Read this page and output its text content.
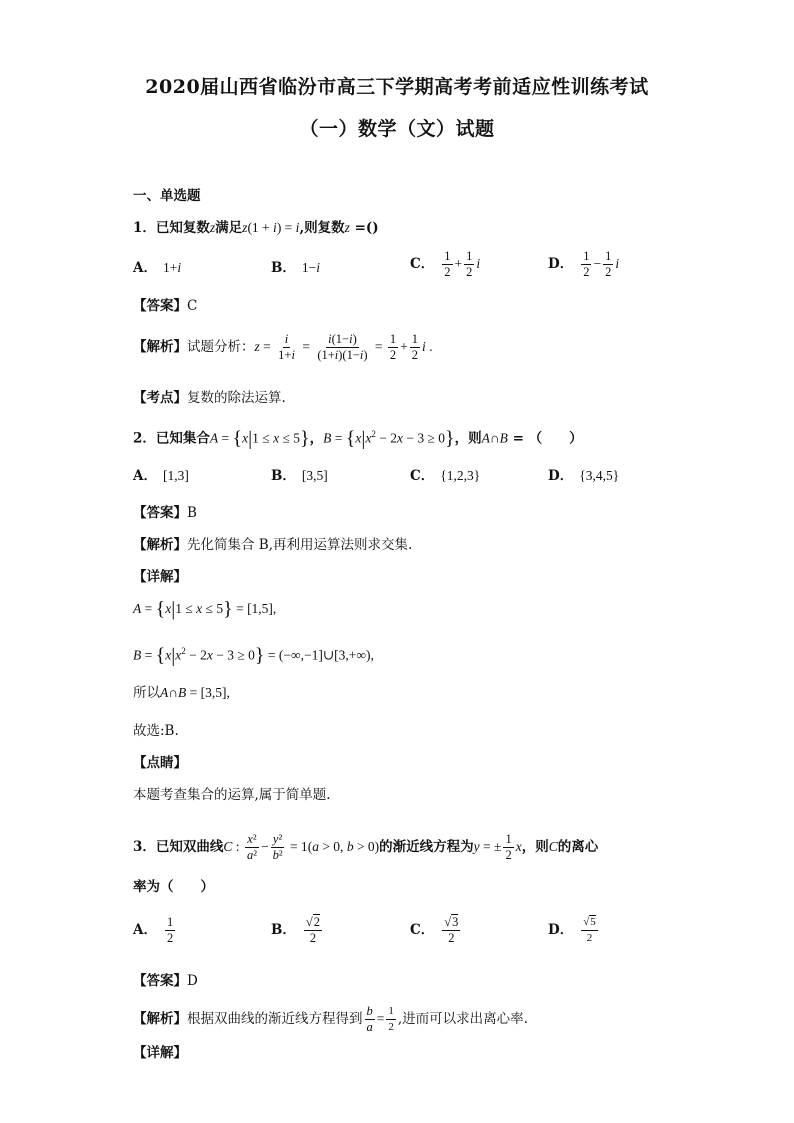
2020届山西省临汾市高三下学期高考考前适应性训练考试
（一）数学（文）试题
一、单选题
1．已知复数z满足z(1 + i) = i,则复数z =()
A． 1+i	B． 1−i	C． $\frac{1}{2} + \frac{1}{2}$ i	D． $\frac{1}{2} - \frac{1}{2}$ i
【答案】C
【解析】试题分析：$z = \frac{i}{1+i} = \frac{i(1-i)}{(1+i)(1-i)} = \frac{1}{2} + \frac{1}{2}$ i .
【考点】复数的除法运算.
2．已知集合A = {x|1 ≤ x ≤ 5}，$B = \{x|x^2 - 2x - 3 \ge 0\}$，则A∩B = （　　）
A． [1,3]	B． [3,5]	C． {1,2,3}	D． {3,4,5}
【答案】B
【解析】先化简集合 B,再利用运算法则求交集.
【详解】
A = {x|1 ≤ x ≤ 5} = [1,5],
$B = \{x|x^2 - 2x - 3 \ge 0\}$ = (−∞,−1]∪[3,+∞),
所以A∩B = [3,5],
故选:B.
【点睛】
本题考查集合的运算,属于简单题.
3．已知双曲线C : $\frac{\text{x²}}{\text{a²}} - \frac{\text{y²}}{\text{b²}} = 1(a > 0$, b > 0)的渐近线方程为y = ± $\frac{1}{2}$ x，则C的离心
率为（　　）
A． $\frac{1}{2}$	B． $\frac{√2}{2}$	C． $\frac{√3}{2}$	D． $\frac{√5}{2}$
【答案】D
【解析】根据双曲线的渐近线方程得到 $\frac{b}{a} = \frac{1}{2}$ ,进而可以求出离心率.
【详解】
